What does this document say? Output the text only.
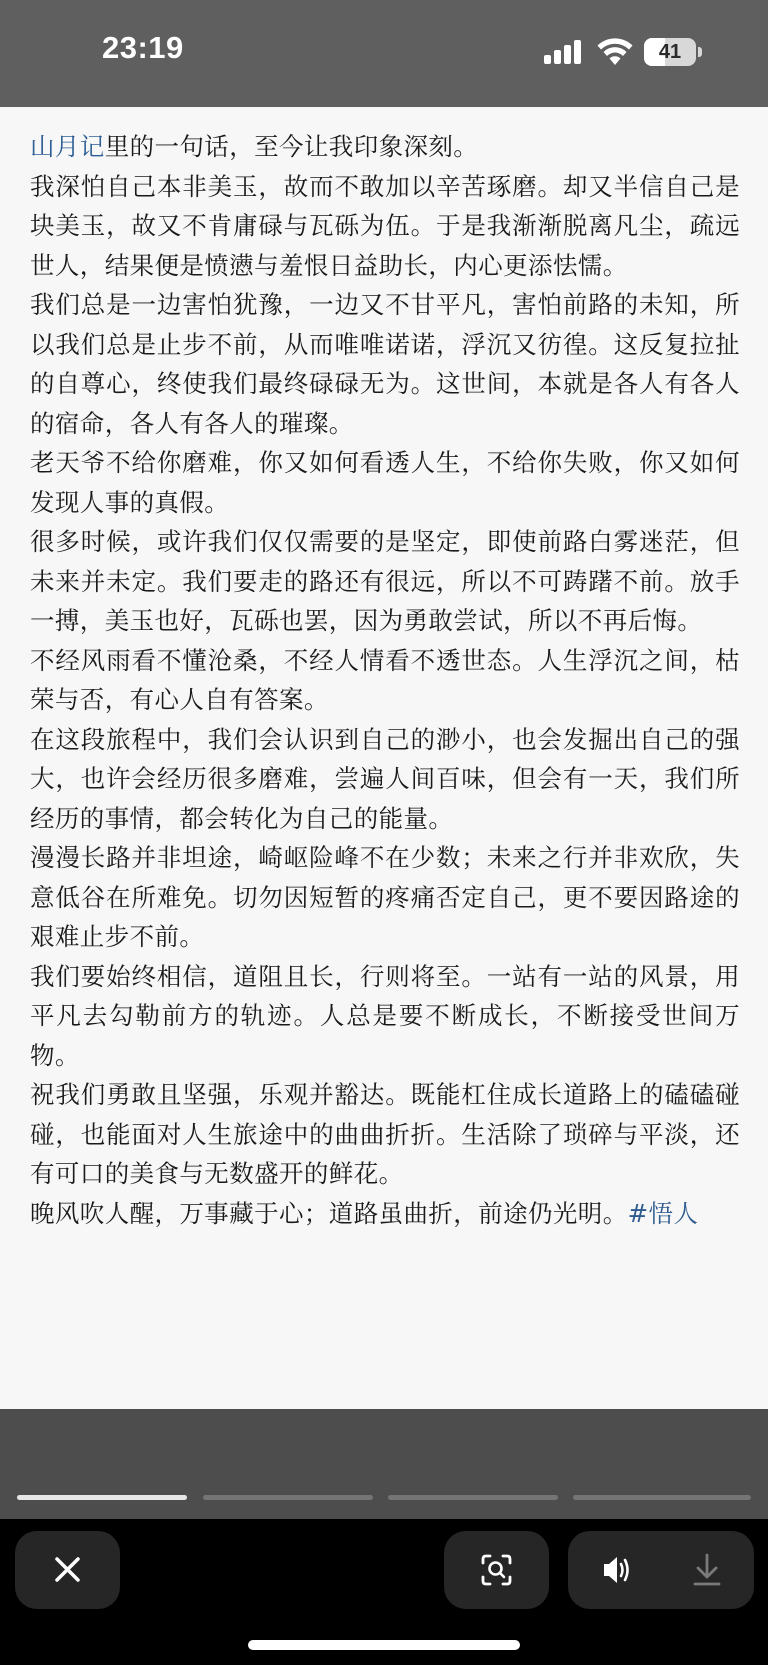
23:19	41
山月记里的一句话，至今让我印象深刻。
我深怕自己本非美玉，故而不敢加以辛苦琢磨。却又半信自己是块美玉，故又不肯庸碌与瓦砾为伍。于是我渐渐脱离凡尘，疏远世人，结果便是愤懑与羞恨日益助长，内心更添怯懦。
我们总是一边害怕犹豫，一边又不甘平凡，害怕前路的未知，所以我们总是止步不前，从而唯唯诺诺，浮沉又彷徨。这反复拉扯的自尊心，终使我们最终碌碌无为。这世间，本就是各人有各人的宿命，各人有各人的璀璨。
老天爷不给你磨难，你又如何看透人生，不给你失败，你又如何发现人事的真假。
很多时候，或许我们仅仅需要的是坚定，即使前路白雾迷茫，但未来并未定。我们要走的路还有很远，所以不可踌躇不前。放手一搏，美玉也好，瓦砾也罢，因为勇敢尝试，所以不再后悔。
不经风雨看不懂沧桑，不经人情看不透世态。人生浮沉之间，枯荣与否，有心人自有答案。
在这段旅程中，我们会认识到自己的渺小，也会发掘出自己的强大，也许会经历很多磨难，尝遍人间百味，但会有一天，我们所经历的事情，都会转化为自己的能量。
漫漫长路并非坦途，崎岖险峰不在少数；未来之行并非欢欣，失意低谷在所难免。切勿因短暂的疼痛否定自己，更不要因路途的艰难止步不前。
我们要始终相信，道阻且长，行则将至。一站有一站的风景，用平凡去勾勒前方的轨迹。人总是要不断成长，不断接受世间万物。
祝我们勇敢且坚强，乐观并豁达。既能杠住成长道路上的磕磕碰碰，也能面对人生旅途中的曲曲折折。生活除了琐碎与平淡，还有可口的美食与无数盛开的鲜花。
晚风吹人醒，万事藏于心；道路虽曲折，前途仍光明。#悟人
